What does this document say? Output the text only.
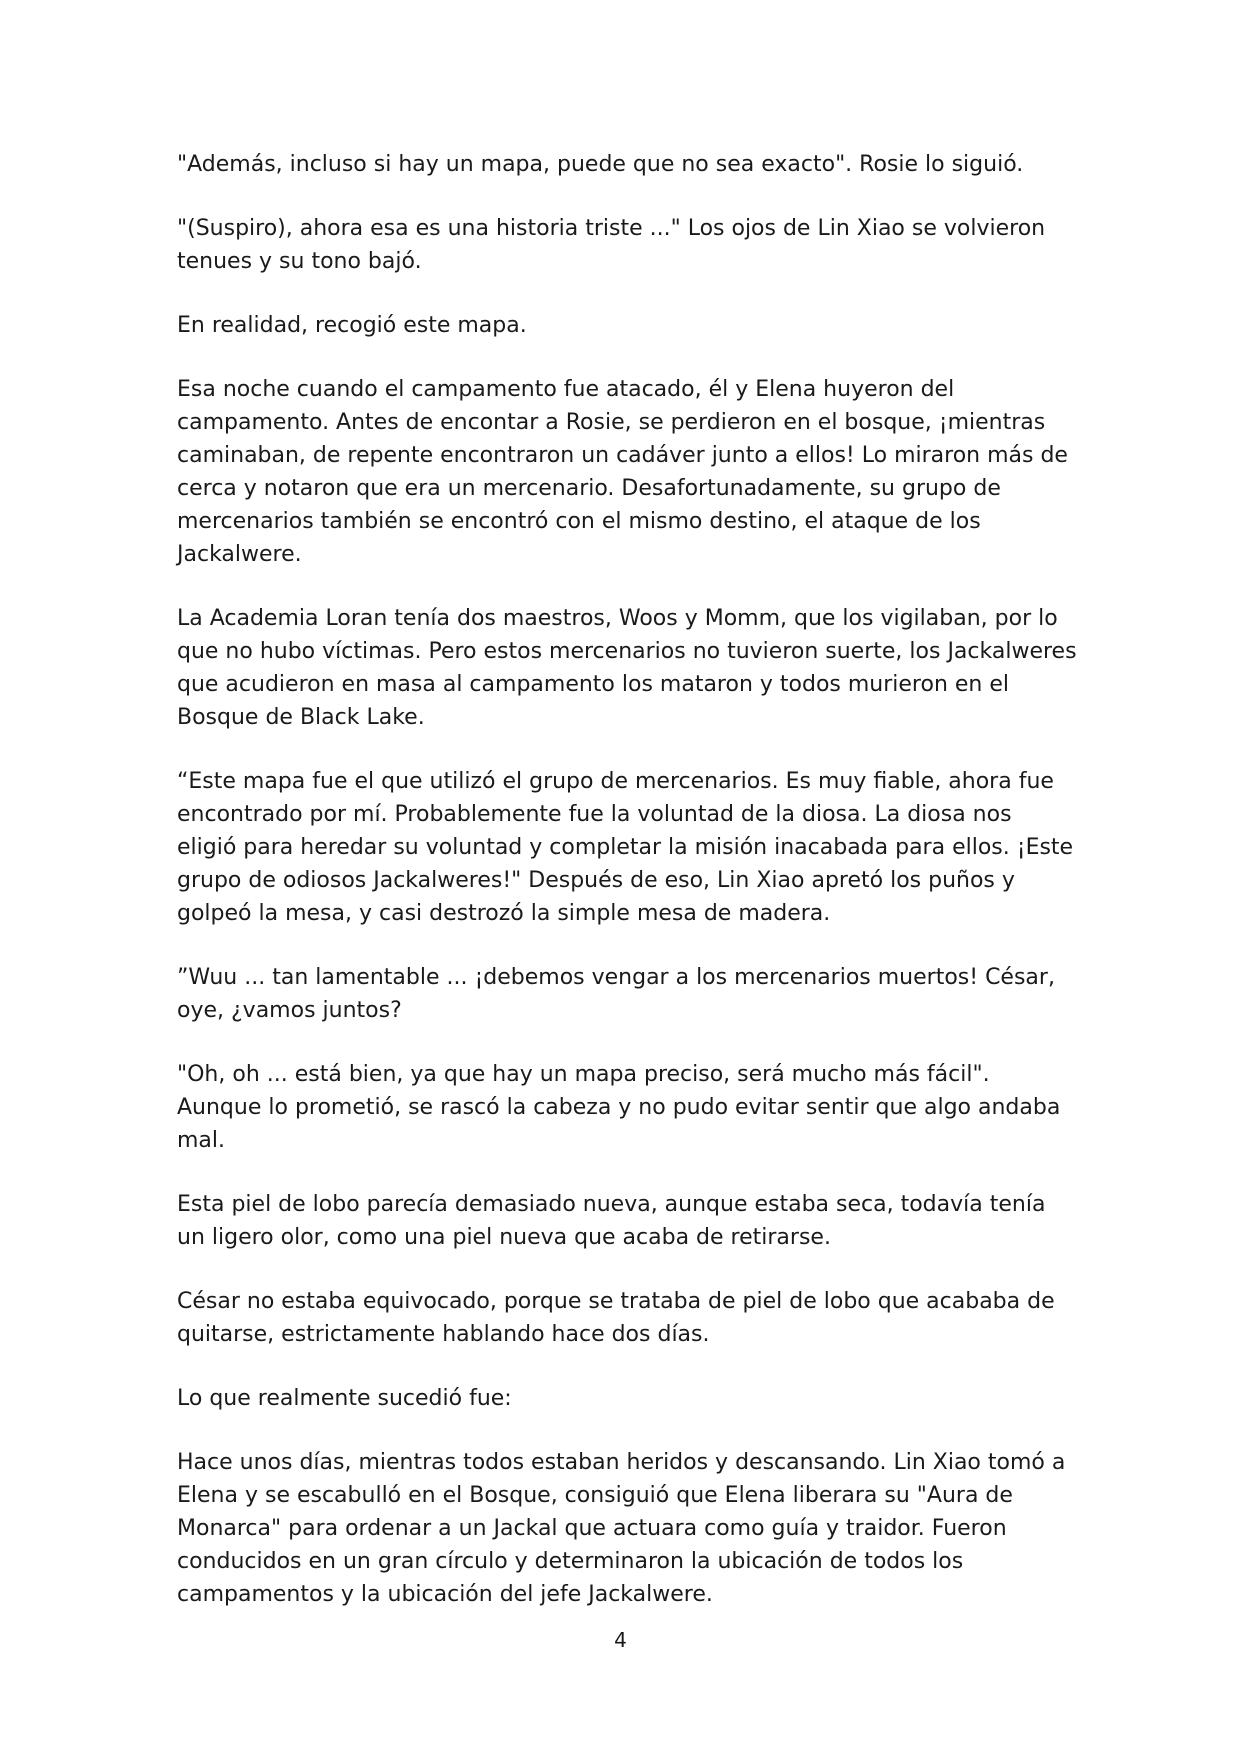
"Además, incluso si hay un mapa, puede que no sea exacto". Rosie lo siguió.

"(Suspiro), ahora esa es una historia triste ..." Los ojos de Lin Xiao se volvieron tenues y su tono bajó.

En realidad, recogió este mapa.

Esa noche cuando el campamento fue atacado, él y Elena huyeron del campamento. Antes de encontar a Rosie, se perdieron en el bosque, ¡mientras caminaban, de repente encontraron un cadáver junto a ellos! Lo miraron más de cerca y notaron que era un mercenario. Desafortunadamente, su grupo de mercenarios también se encontró con el mismo destino, el ataque de los Jackalwere.

La Academia Loran tenía dos maestros, Woos y Momm, que los vigilaban, por lo que no hubo víctimas. Pero estos mercenarios no tuvieron suerte, los Jackalweres que acudieron en masa al campamento los mataron y todos murieron en el Bosque de Black Lake.

“Este mapa fue el que utilizó el grupo de mercenarios. Es muy fiable, ahora fue encontrado por mí. Probablemente fue la voluntad de la diosa. La diosa nos eligió para heredar su voluntad y completar la misión inacabada para ellos. ¡Este grupo de odiosos Jackalweres!" Después de eso, Lin Xiao apretó los puños y golpeó la mesa, y casi destrozó la simple mesa de madera.

”Wuu ... tan lamentable ... ¡debemos vengar a los mercenarios muertos! César, oye, ¿vamos juntos?

"Oh, oh ... está bien, ya que hay un mapa preciso, será mucho más fácil". Aunque lo prometió, se rascó la cabeza y no pudo evitar sentir que algo andaba mal.

Esta piel de lobo parecía demasiado nueva, aunque estaba seca, todavía tenía un ligero olor, como una piel nueva que acaba de retirarse.

César no estaba equivocado, porque se trataba de piel de lobo que acababa de quitarse, estrictamente hablando hace dos días.

Lo que realmente sucedió fue:

Hace unos días, mientras todos estaban heridos y descansando. Lin Xiao tomó a Elena y se escabulló en el Bosque, consiguió que Elena liberara su "Aura de Monarca" para ordenar a un Jackal que actuara como guía y traidor. Fueron conducidos en un gran círculo y determinaron la ubicación de todos los campamentos y la ubicación del jefe Jackalwere.

4
